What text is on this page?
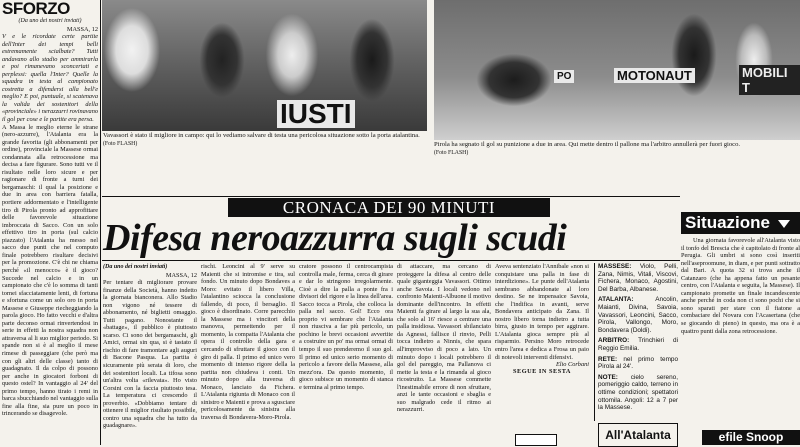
SFORZO

(Da uno dei nostri inviati)

MASSA, 12

V e le ricordate certe partite dell'Inter dei tempi belli estremamente scialbate? Tutti andavano allo stadio per ammirarla e poi rimanevano sconcertati e perplessi: quella l'Inter? Quelle la squadra in testa al campionato costretta a difendersi alla bell'e meglio? E poi, puntuale, si scatenava la valida dei sostenitori della «provinciale» i nerazzurri rovinavano il gol per cose e le partite era persa.

A Massa le meglio eterne le strane (nero-azzurre), l'Atalanta era la grande favorita (gli abbonamenti per ordine), provinciale la Massese ormai condannata alla retrocessione ma decisa a fare figurare. Sono tutti ve il risultato nelle loro sicure e per ragionare di fronte a turni dei bergamaschi: il qual la posizione e due in area con barriera fatalla, portiere addormentato e l'intelligente tiro di Pirola pronto ad approfittare delle favorevole situazione imbroccata di Sacco. Con un solo effettivo tiro in porta (sul calcio piazzato) l'Atalanta ha messo nel sacco due punti che nel computo finale potrebbero risultare decisivi per la promozione. C'è chi ne chiama perché «il menocco» è il gioco? Succede nel calcio e in un campionato che c'è lo somma di tanti tornei sfacciatamente lenti, di fortuna e sfortuna come un solo oro in porta Massese e Giuseppe riecheggiando la parola gioco. Ho fatto vecchi e d'altra parte deconso ormai rinvertendosi in serie in effetti la nostra squadra non attraversa al li suo miglior periodo. Si spande non si è al meglio il mese rimese di passeggiare (che però ma con gli altri delle classe) tanto di guadagnato. Il da colpo di possono per anche in giocatori forboni di questo ostel? In vantaggio al 24' del primo tempo, hanno tirato i remi in barca sbucchiando nel vantaggio sulla fine alla fine, sia pure un poco in trincerando se disagevole.

IUSTI

Vavassori è stato il migliore in campo: qui lo vediamo salvare di testa una pericolosa situazione sotto la porta atalantina.
(Foto FLASH)

MOTONAUT	MOBILI T
PO

Pirola ha segnato il gol su punizione a due in area. Qui mette dentro il pallone ma l'arbitro annullerà per fuori gioco.
(Foto FLASH)

CRONACA DEI 90 MINUTI
Difesa neroazzurra sugli scudi

(Da uno dei nostri inviati)

MASSA, 12

Per tentare di migliorare provare finanze della Società, hanno indetto la giornata bianconera. Allo Stadio non vigono né tessere di abbonamento, né biglietti omaggio. Tutti pagano. Nonostante il «battage», il pubblico è piuttosto scarso. Ci sono dei bergamaschi, gli Amici, ormai sin qua, si è tastato il rischio di fare tramontare agli auguri di Bacone Pasqua. La partita è sicuramente più serata di loro, che dei sostenitori locali. La tifosa sono un'altra volta «rilevata». Ho visto Corsini con la faccia piuttosto tesa. La temperatura ci crescendo il proverbio. «Dobbiamo tentare di ottenere il miglior risultato possibile, contro una squadra che ha tutto da guadagnare».

rischi. Leoncini al 9' serve su Maienti che si intromise e tira, sul fondo. Un minuto dopo Bondaves a Moro: evitato il libero Villa, l'atalantino sciocca la conclusione fallendo, di poco, il bersaglio. Il gioco è disordinato. Corre parecchio la Massese ma i vincitori della manovra, permettendo per il momento, la compatta l'Atalanta che opera il controllo della gara e cercando di sfruttare il gioco con il giro di palla. Il primo ed unico vero momento di intenso rigore della la partita non chiudeva i conti. Un minuto dopo alla traversa di Monaco, lanciato da Fichera. L'Atalanta rigiunta di Monaco con il sinistro e Maienti e prova a sgusciare pericolosamente da sinistra alla traversa di Bondavera-Moro-Pirola.

cratore possono il centrocampista controlla male, ferma, cerca di girare e dar lo stringono irregolarmente. Cioè a dire la palla a ponte fra i divisori del rigore e la linea dell'area. Sacco tocca a Pirola, che colloca la palla nel sacco. Gol! Ecco ora proprio vi sembrare che l'Atalanta non riusciva a far più pericolo, un pochino le brevi occasioni avvertite a costruire un po' ma ormai ormai di tempo il suo prenderemo il suo gol. Il primo ed unico serio momento di pericolo a favore della Massese, alla mezz'ora. Da questo momento, il gioco subisce un momento di stanca e termina al primo tempo.

di attaccare, ma cercano di proteggere la difesa al centro delle quale giganteggia Vavassori. Ottimo anche Savoia. I locali vedono nel confronto Maienti-Albuone il motivo dominante dell'incontro. In effetti Maienti fa girare al largo la sua ala, che solo al 16' riesce a centrare una palla insidiosa. Vavassori sbilanciato da Agnessi, fallisce il rinvio, Pelli tocca indietro a Ninnis, che spara all'improvviso di poco a lato. Un minuto dopo i locali potrebbero il gol del pareggio, ma Pallanova ci mette la testa e la rimanda al gioco ricostruito. La Massese commette l'inestimabile errore di non sfruttare, anzi le tante occasioni e sbaglia e suo malgrado cede il ritmo ai nerazzurri.

Aveva sentenziato l'Annibale «non si conquistare una palla in fase di interdizione». Le punte dell'Atalanta sembrano abbandonate al loro destino. Se ne impensaice Savoia, che l'indifica in avanti, serve Bondavera anticipato da Zana. Il nostro libero torna indietro a tutta birra, giusto in tempo per aggirare. L'Atalanta gioca sempre più al risparmio. Persino Moro retrocede entro l'area e dedica a Frosa un paio di notevoli interventi difensivi.

Elio Corbani

SEGUE IN SESTA

MASSESE: Violo, Pelli, Zana, Nimis, Vitali, Viscovi, Fichera, Monaco, Agostini, Del Barba, Albanese.

ATALANTA:	Ancolin, Maianti, Divina, Savoia, Vavassori, Leoncini, Sacco, Pirola, Vallongo, Moro, Bondavera (Doldi).

ARBITRO: Trinchieri di Reggio Emilia.

RETE: nel primo tempo Pirola al 24'.

NOTE: cielo sereno, pomeriggio caldo, terreno in ottime condizioni; spettatori ottomila. Angoli: 12 a 7 per la Massese.

All'Atalanta

Situazione

Una giornata favorevole all'Atalanta visto il tonfo del Brescia che è capitolato di fronte al Perugia. Gli umbri si sono così inseriti nell'aseproomune, in diam, e per punti sottratto dal Bari. A quota 32 si trova anche il Catanzaro (che ha appena fatto un pesante centro, con l'Atalanta e seguita, la Massese). Il campionato promette un finale incandescente anche perché in coda non ci sono pochi che si sono sparati per stare con il fiatone a combaciare del Novara con l'Acasertana (che se giocando di pieno) in questo, ma ora è a quattro punti dalla zona retrocessione.

efile Snoop
